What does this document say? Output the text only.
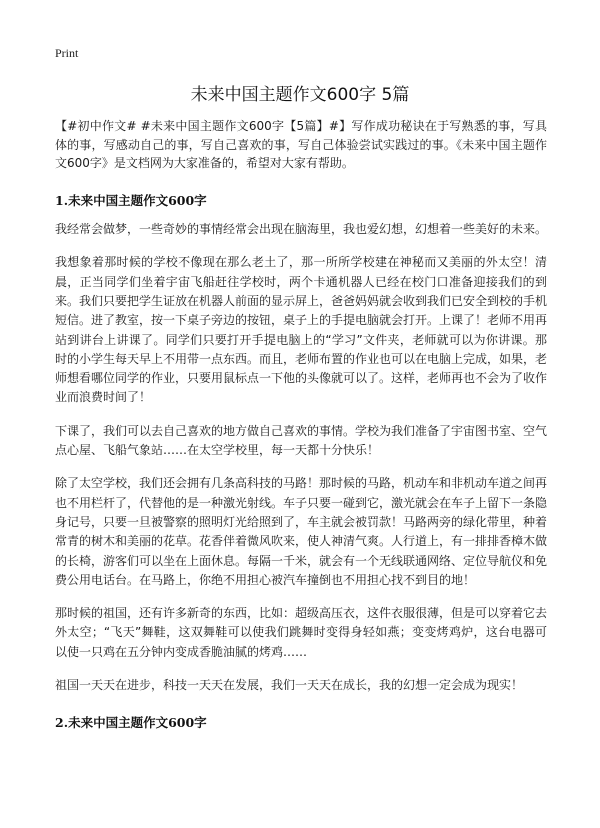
Print
未来中国主题作文600字 5篇

【#初中作文# #未来中国主题作文600字【5篇】#】写作成功秘诀在于写熟悉的事，写具体的事，写感动自己的事，写自己喜欢的事，写自己体验尝试实践过的事。《未来中国主题作文600字》是文档网为大家准备的，希望对大家有帮助。

1.未来中国主题作文600字

我经常会做梦，一些奇妙的事情经常会出现在脑海里，我也爱幻想，幻想着一些美好的未来。

我想象着那时候的学校不像现在那么老土了，那一所所学校建在神秘而又美丽的外太空！清晨，正当同学们坐着宇宙飞船赶往学校时，两个卡通机器人已经在校门口准备迎接我们的到来。我们只要把学生证放在机器人前面的显示屏上，爸爸妈妈就会收到我们已安全到校的手机短信。进了教室，按一下桌子旁边的按钮，桌子上的手提电脑就会打开。上课了！老师不用再站到讲台上讲课了。同学们只要打开手提电脑上的“学习”文件夹，老师就可以为你讲课。那时的小学生每天早上不用带一点东西。而且，老师布置的作业也可以在电脑上完成，如果，老师想看哪位同学的作业，只要用鼠标点一下他的头像就可以了。这样，老师再也不会为了收作业而浪费时间了！

下课了，我们可以去自己喜欢的地方做自己喜欢的事情。学校为我们准备了宇宙图书室、空气点心屋、飞船气象站……在太空学校里，每一天都十分快乐！

除了太空学校，我们还会拥有几条高科技的马路！那时候的马路，机动车和非机动车道之间再也不用栏杆了，代替他的是一种激光射线。车子只要一碰到它，激光就会在车子上留下一条隐身记号，只要一旦被警察的照明灯光给照到了，车主就会被罚款！马路两旁的绿化带里，种着常青的树木和美丽的花草。花香伴着微风吹来，使人神清气爽。人行道上，有一排排香樟木做的长椅，游客们可以坐在上面休息。每隔一千米，就会有一个无线联通网络、定位导航仪和免费公用电话台。在马路上，你绝不用担心被汽车撞倒也不用担心找不到目的地！

那时候的祖国，还有许多新奇的东西，比如：超级高压衣，这件衣服很薄，但是可以穿着它去外太空；“飞天”舞鞋，这双舞鞋可以使我们跳舞时变得身轻如燕；变变烤鸡炉，这台电器可以使一只鸡在五分钟内变成香脆油腻的烤鸡……

祖国一天天在进步，科技一天天在发展，我们一天天在成长，我的幻想一定会成为现实！

2.未来中国主题作文600字
